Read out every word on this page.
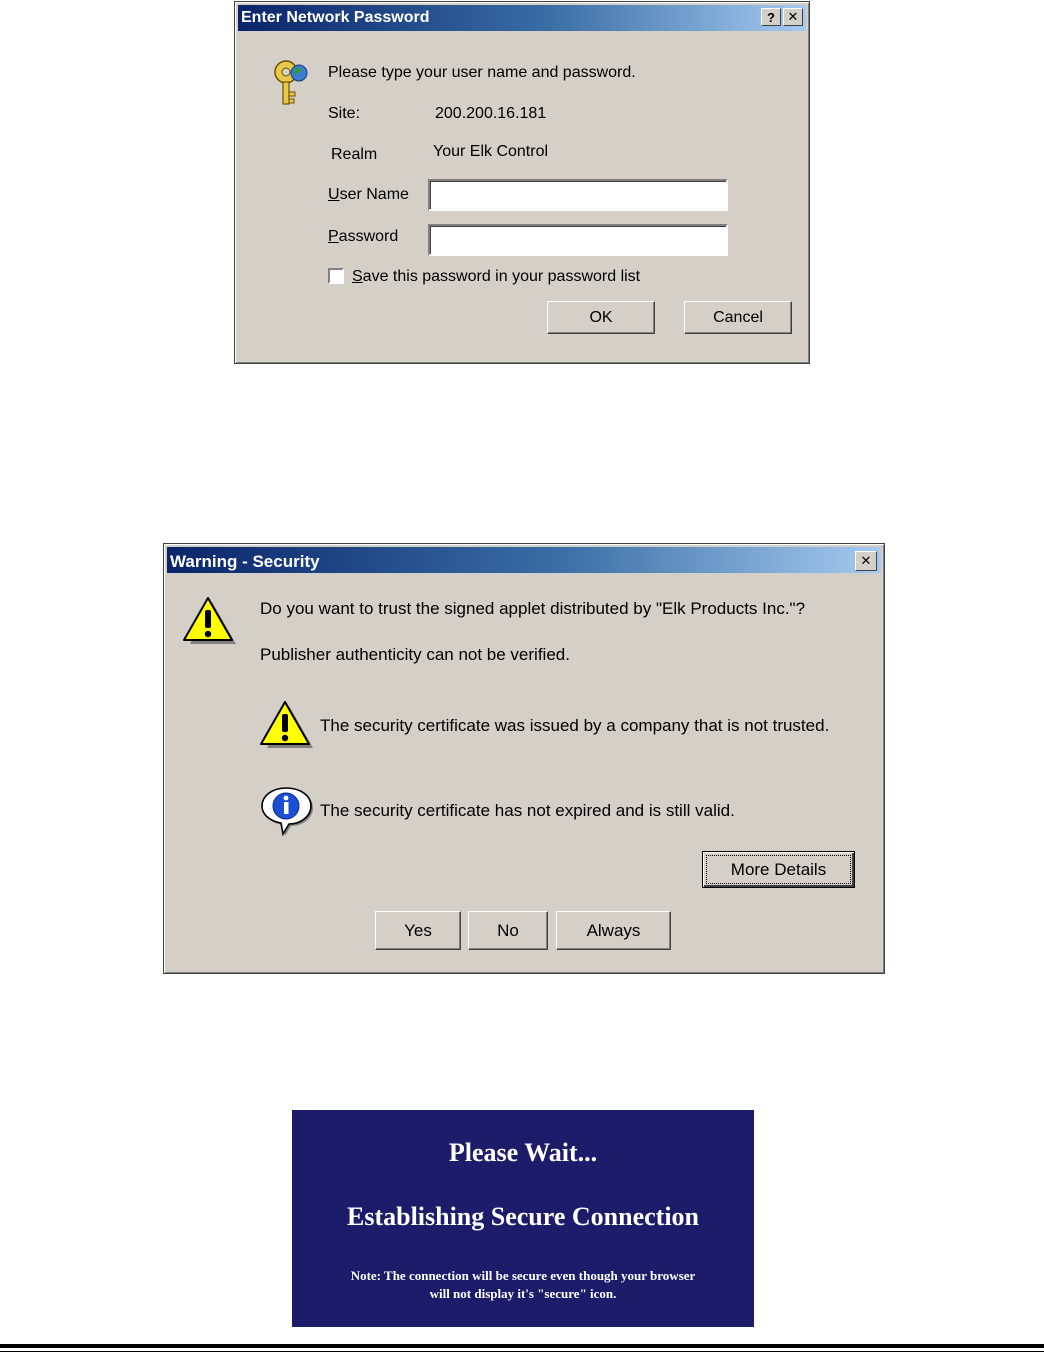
Enter Network Password	? ✕
Please type your user name and password.
Site:	200.200.16.181
Realm	Your Elk Control
User Name
Password
Save this password in your password list
OK	Cancel
Warning - Security	✕
Do you want to trust the signed applet distributed by "Elk Products Inc."?
Publisher authenticity can not be verified.
The security certificate was issued by a company that is not trusted.
The security certificate has not expired and is still valid.
More Details
Yes	No	Always
Please Wait...
Establishing Secure Connection
Note: The connection will be secure even though your browser
will not display it's "secure" icon.
